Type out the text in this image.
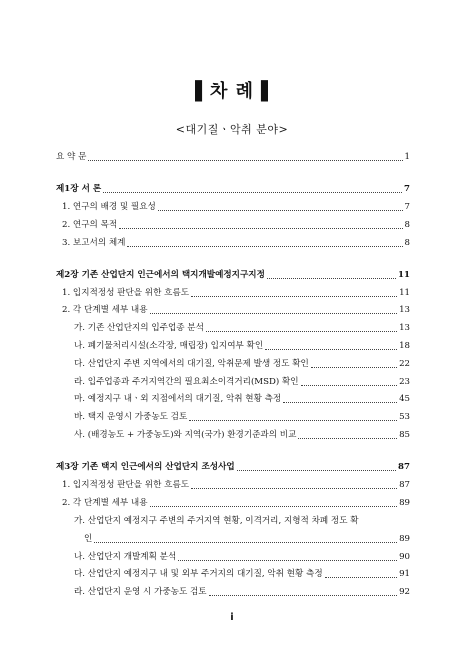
▌차 례▐
<대기질ㆍ악취 분야>
요 약 문	1
제1장 서 론	7
1. 연구의 배경 및 필요성	7
2. 연구의 목적	8
3. 보고서의 체계	8
제2장 기존 산업단지 인근에서의 택지개발예정지구지정	11
1. 입지적정성 판단을 위한 흐름도	11
2. 각 단계별 세부 내용	13
가. 기존 산업단지의 입주업종 분석	13
나. 폐기물처리시설(소각장, 매립장) 입지여부 확인	18
다. 산업단지 주변 지역에서의 대기질, 악취문제 발생 정도 확인	22
라. 입주업종과 주거지역간의 필요최소이격거리(MSD) 확인	23
마. 예정지구 내ㆍ외 지점에서의 대기질, 악취 현황 측정	45
바. 택지 운영시 가중농도 검토	53
사. (배경농도 + 가중농도)와 지역(국가) 환경기준과의 비교	85
제3장 기존 택지 인근에서의 산업단지 조성사업	87
1. 입지적정성 판단을 위한 흐름도	87
2. 각 단계별 세부 내용	89
가. 산업단지 예정지구 주변의 주거지역 현황, 이격거리, 지형적 차폐 정도 확
인	89
나. 산업단지 개발계획 분석	90
다. 산업단지 예정지구 내 및 외부 주거지의 대기질, 악취 현황 측정	91
라. 산업단지 운영 시 가중농도 검토	92
i
